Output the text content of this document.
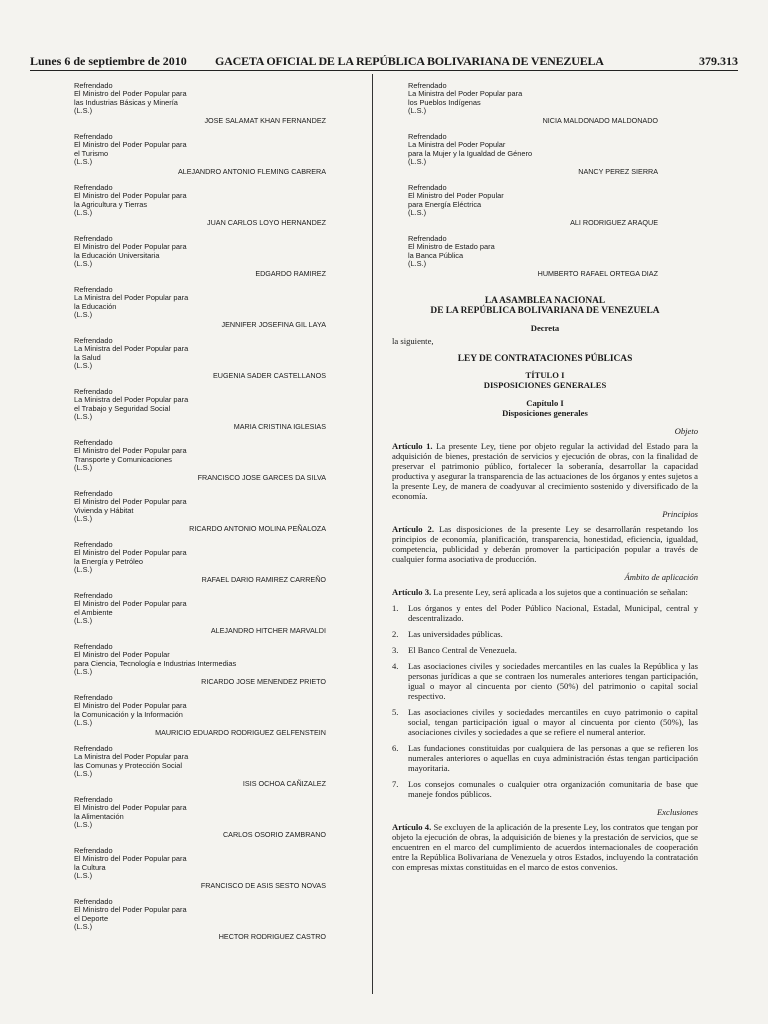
Lunes 6 de septiembre de 2010 GACETA OFICIAL DE LA REPÚBLICA BOLIVARIANA DE VENEZUELA	379.313
Refrendado
El Ministro del Poder Popular para
las Industrias Básicas y Minería
(L.S.)
JOSE SALAMAT KHAN FERNANDEZ
Refrendado
El Ministro del Poder Popular para
el Turismo
(L.S.)
ALEJANDRO ANTONIO FLEMING CABRERA
Refrendado
El Ministro del Poder Popular para
la Agricultura y Tierras
(L.S.)
JUAN CARLOS LOYO HERNANDEZ
Refrendado
El Ministro del Poder Popular para
la Educación Universitaria
(L.S.)
EDGARDO RAMIREZ
Refrendado
La Ministra del Poder Popular para
la Educación
(L.S.)
JENNIFER JOSEFINA GIL LAYA
Refrendado
La Ministra del Poder Popular para
la Salud
(L.S.)
EUGENIA SADER CASTELLANOS
Refrendado
La Ministra del Poder Popular para
el Trabajo y Seguridad Social
(L.S.)
MARIA CRISTINA IGLESIAS
Refrendado
El Ministro del Poder Popular para
Transporte y Comunicaciones
(L.S.)
FRANCISCO JOSE GARCES DA SILVA
Refrendado
El Ministro del Poder Popular para
Vivienda y Hábitat
(L.S.)
RICARDO ANTONIO MOLINA PEÑALOZA
Refrendado
El Ministro del Poder Popular para
la Energía y Petróleo
(L.S.)
RAFAEL DARIO RAMIREZ CARREÑO
Refrendado
El Ministro del Poder Popular para
el Ambiente
(L.S.)
ALEJANDRO HITCHER MARVALDI
Refrendado
El Ministro del Poder Popular
para Ciencia, Tecnología e Industrias Intermedias
(L.S.)
RICARDO JOSE MENENDEZ PRIETO
Refrendado
El Ministro del Poder Popular para
la Comunicación y la Información
(L.S.)
MAURICIO EDUARDO RODRIGUEZ GELFENSTEIN
Refrendado
La Ministra del Poder Popular para
las Comunas y Protección Social
(L.S.)
ISIS OCHOA CAÑIZALEZ
Refrendado
El Ministro del Poder Popular para
la Alimentación
(L.S.)
CARLOS OSORIO ZAMBRANO
Refrendado
El Ministro del Poder Popular para
la Cultura
(L.S.)
FRANCISCO DE ASIS SESTO NOVAS
Refrendado
El Ministro del Poder Popular para
el Deporte
(L.S.)
HECTOR RODRIGUEZ CASTRO
Refrendado
La Ministra del Poder Popular para
los Pueblos Indígenas
(L.S.)
NICIA MALDONADO MALDONADO
Refrendado
La Ministra del Poder Popular
para la Mujer y la Igualdad de Género
(L.S.)
NANCY PEREZ SIERRA
Refrendado
El Ministro del Poder Popular
para Energía Eléctrica
(L.S.)
ALI RODRIGUEZ ARAQUE
Refrendado
El Ministro de Estado para
la Banca Pública
(L.S.)
HUMBERTO RAFAEL ORTEGA DIAZ
LA ASAMBLEA NACIONAL
DE LA REPÚBLICA BOLIVARIANA DE VENEZUELA
Decreta
la siguiente,
LEY DE CONTRATACIONES PÚBLICAS
TÍTULO I
DISPOSICIONES GENERALES
Capítulo I
Disposiciones generales
Objeto
Artículo 1. La presente Ley, tiene por objeto regular la actividad del Estado para la adquisición de bienes, prestación de servicios y ejecución de obras, con la finalidad de preservar el patrimonio público, fortalecer la soberanía, desarrollar la capacidad productiva y asegurar la transparencia de las actuaciones de los órganos y entes sujetos a la presente Ley, de manera de coadyuvar al crecimiento sostenido y diversificado de la economía.
Principios
Artículo 2. Las disposiciones de la presente Ley se desarrollarán respetando los principios de economía, planificación, transparencia, honestidad, eficiencia, igualdad, competencia, publicidad y deberán promover la participación popular a través de cualquier forma asociativa de producción.
Ámbito de aplicación
Artículo 3. La presente Ley, será aplicada a los sujetos que a continuación se señalan:
1. Los órganos y entes del Poder Público Nacional, Estadal, Municipal, central y descentralizado.
2. Las universidades públicas.
3. El Banco Central de Venezuela.
4. Las asociaciones civiles y sociedades mercantiles en las cuales la República y las personas jurídicas a que se contraen los numerales anteriores tengan participación, igual o mayor al cincuenta por ciento (50%) del patrimonio o capital social respectivo.
5. Las asociaciones civiles y sociedades mercantiles en cuyo patrimonio o capital social, tengan participación igual o mayor al cincuenta por ciento (50%), las asociaciones civiles y sociedades a que se refiere el numeral anterior.
6. Las fundaciones constituidas por cualquiera de las personas a que se refieren los numerales anteriores o aquellas en cuya administración éstas tengan participación mayoritaria.
7. Los consejos comunales o cualquier otra organización comunitaria de base que maneje fondos públicos.
Exclusiones
Artículo 4. Se excluyen de la aplicación de la presente Ley, los contratos que tengan por objeto la ejecución de obras, la adquisición de bienes y la prestación de servicios, que se encuentren en el marco del cumplimiento de acuerdos internacionales de cooperación entre la República Bolivariana de Venezuela y otros Estados, incluyendo la contratación con empresas mixtas constituidas en el marco de estos convenios.
